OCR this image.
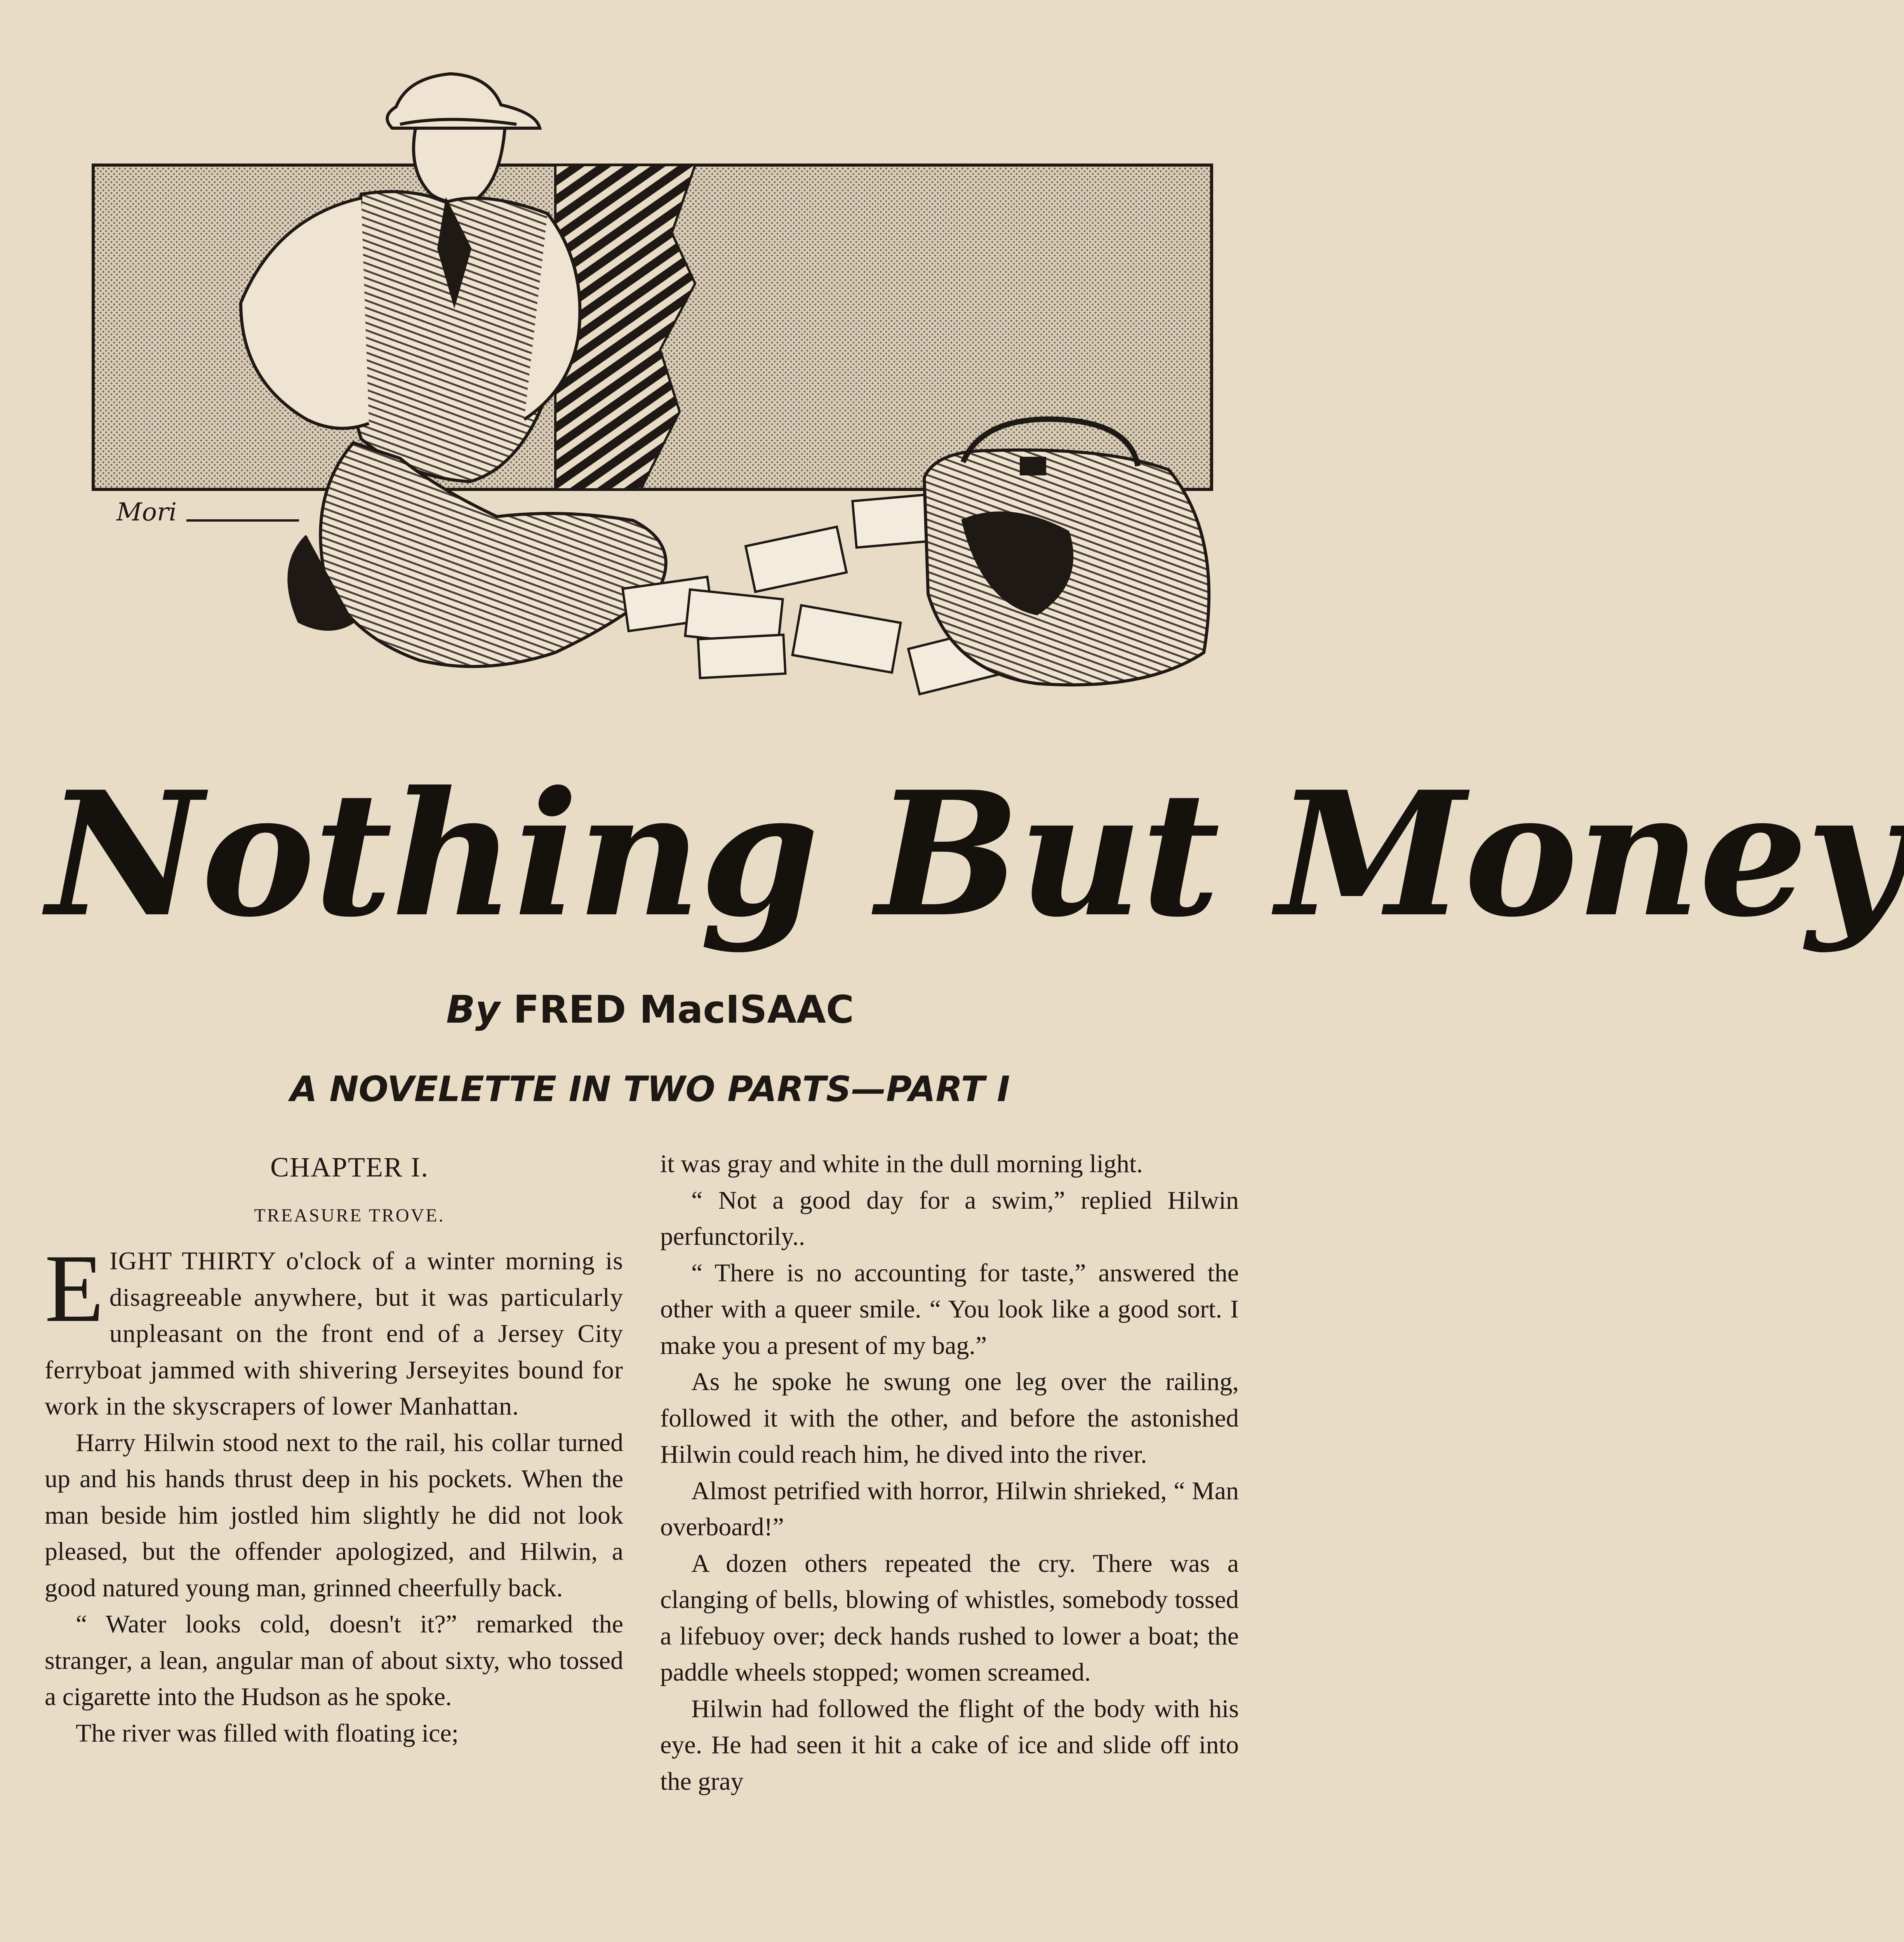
Mori
Nothing But Money
By FRED MacISAAC
A NOVELETTE IN TWO PARTS—PART I

CHAPTER I.

TREASURE TROVE.

EIGHT THIRTY o'clock of a winter morning is disagreeable anywhere, but it was particularly unpleasant on the front end of a Jersey City ferryboat jammed with shivering Jerseyites bound for work in the skyscrapers of lower Manhattan.

Harry Hilwin stood next to the rail, his collar turned up and his hands thrust deep in his pockets. When the man beside him jostled him slightly he did not look pleased, but the offender apologized, and Hilwin, a good natured young man, grinned cheerfully back.

“ Water looks cold, doesn't it?” remarked the stranger, a lean, angular man of about sixty, who tossed a cigarette into the Hudson as he spoke.

The river was filled with floating ice;

it was gray and white in the dull morning light.

“ Not a good day for a swim,” replied Hilwin perfunctorily..

“ There is no accounting for taste,” answered the other with a queer smile. “ You look like a good sort. I make you a present of my bag.”

As he spoke he swung one leg over the railing, followed it with the other, and before the astonished Hilwin could reach him, he dived into the river.

Almost petrified with horror, Hilwin shrieked, “ Man overboard!”

A dozen others repeated the cry. There was a clanging of bells, blowing of whistles, somebody tossed a lifebuoy over; deck hands rushed to lower a boat; the paddle wheels stopped; women screamed.

Hilwin had followed the flight of the body with his eye. He had seen it hit a cake of ice and slide off into the gray
